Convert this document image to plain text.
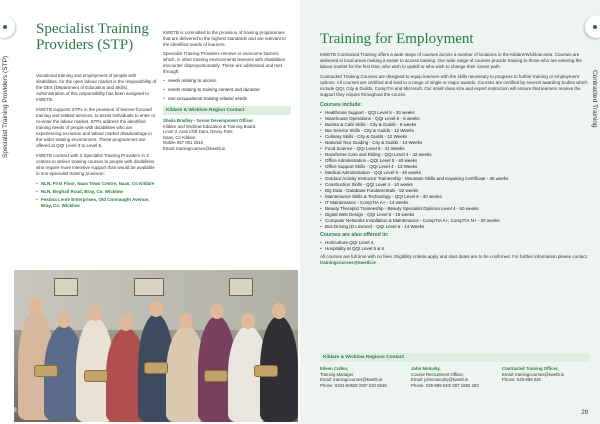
Specialist Training Providers (STP)
Specialist Training Providers (STP)

Vocational training and employment of people with disabilities, for the open labour market is the responsibility of the DES (Department of Education and Skills). Administration of this responsibility has been assigned to KWETB.

KWETB supports STPs in the provision of learner-focused training and related services, to assist individuals to enter or re-enter the labour market. STPs address the identified training needs of people with disabilities who are experiencing exclusion and labour market disadvantage in the wider training environment. These programmes are offered at QQI Level 3 to Level 5.

KWETB contract with 2 Specialist Training Providers in 3 centres to deliver training courses to people with disabilities who require more intensive support than would be available in non-specialist training provision:

• NLN, First Floor, Naas Town Centre, Naas, Co Kildare
• NLN, Boghall Road, Bray, Co. Wicklow
• Festina Lente Enterprises, Old Connaught Avenue, Bray, Co. Wicklow

KWETB is committed to the provision of training programmes that are delivered to the highest standards and are relevant to the identified needs of learners.

Specialist Training Providers remove or overcome barriers which, in other training environments learners with disabilities encounter disproportionately. These are addressed and met through:

• needs relating to access
• needs relating to training content and duration
• non-occupational training-related needs
Kildare & Wicklow Region Contact

Sheila Bradley - Senior Development Officer

Kildare and Wicklow Education & Training Board,

Level 3, Aras Chill Dara, Devoy Park,

Naas, Co Kildare

Mobile 087 061 2610

Email: trainingcourses@kwetb.ie

28
Contracted Training
Training for Employment

KWETB Contracted Training offers a wide range of courses across a number of locations in the Kildare/Wicklow area. Courses are delivered in local areas making it easier to access training. Our wide range of courses provide training to those who are entering the labour market for the first time, who wish to upskill or who wish to change their career path.

Contracted Training Courses are designed to equip learners with the skills necessary to progress to further training or employment options. All courses are certified and lead to a range of single or major awards. Courses are certified by several awarding bodies which include QQI, City & Guilds, CompTIA and Microsoft. Our small class size and expert instruction will ensure that learners receive the support they require throughout the course.

Courses include:
• Healthcare Support - QQI Level 5 - 33 weeks
• Warehouse Operations - QQI Level 5 - 9 weeks
• Barista & Café Skills - City & Guilds - 9 weeks
• Bar Service Skills - City & Guilds - 12 Weeks
• Culinary Skills - City & Guilds - 12 Weeks
• National Tour Guiding - City & Guilds - 14 Weeks
• Food Science - QQI Level 5 - 41 Weeks
• Racehorse Care and Riding - QQI Level 4 - 42 weeks
• Office Administration - QQI Level 5 - 40 weeks
• Office Support Skills - QQI Level 4 - 13 Weeks
• Medical Administration - QQI Level 5 - 49 weeks
• Outdoor Activity Instructor Traineeship - Mountain Skills and Kayaking Certificate - 45 weeks
• Construction Skills - QQI Level 4 - 10 weeks
• Big Data - Database Fundamentals - 52 weeks
• Maintenance Skills & Technology - QQI Level 6 - 40 weeks
• IT Maintenance - CompTIA A+ - 14 weeks
• Beauty Therapist Traineeship - Beauty Specialist Diploma Level 4 - 50 weeks
• Digital Web Design - QQI Level 5 - 15 weeks
• Computer Networks Installation & Maintenance - CompTIA A+, CompTIA N+ - 30 weeks
• Bus Driving (D Licence) - QQI Level 5 - 14 Weeks
Courses are also offered in:
• Horticulture QQI Level 4,
• Hospitality at QQI Level 5 & 6

All courses are full time with no fees. Eligibility criteria apply and start dates are to be confirmed. For further information please contact trainingcourses@kwetb.ie

Kildare & Wicklow Regions Contact

Eileen Cullen,

Training Manager

Email: trainingcourses@kwetb.ie

Phone: 0404-60500 /087-220 5849

John Mulcahy,

Course Recruitment Officer,

Email: johnmulcahy@kwetb.ie

Phone: 045-988 040/ 087 1655 283

Contracted Training Officer,

Email: trainingcourses@kwetb.ie

Phone: 045-988 036

29
